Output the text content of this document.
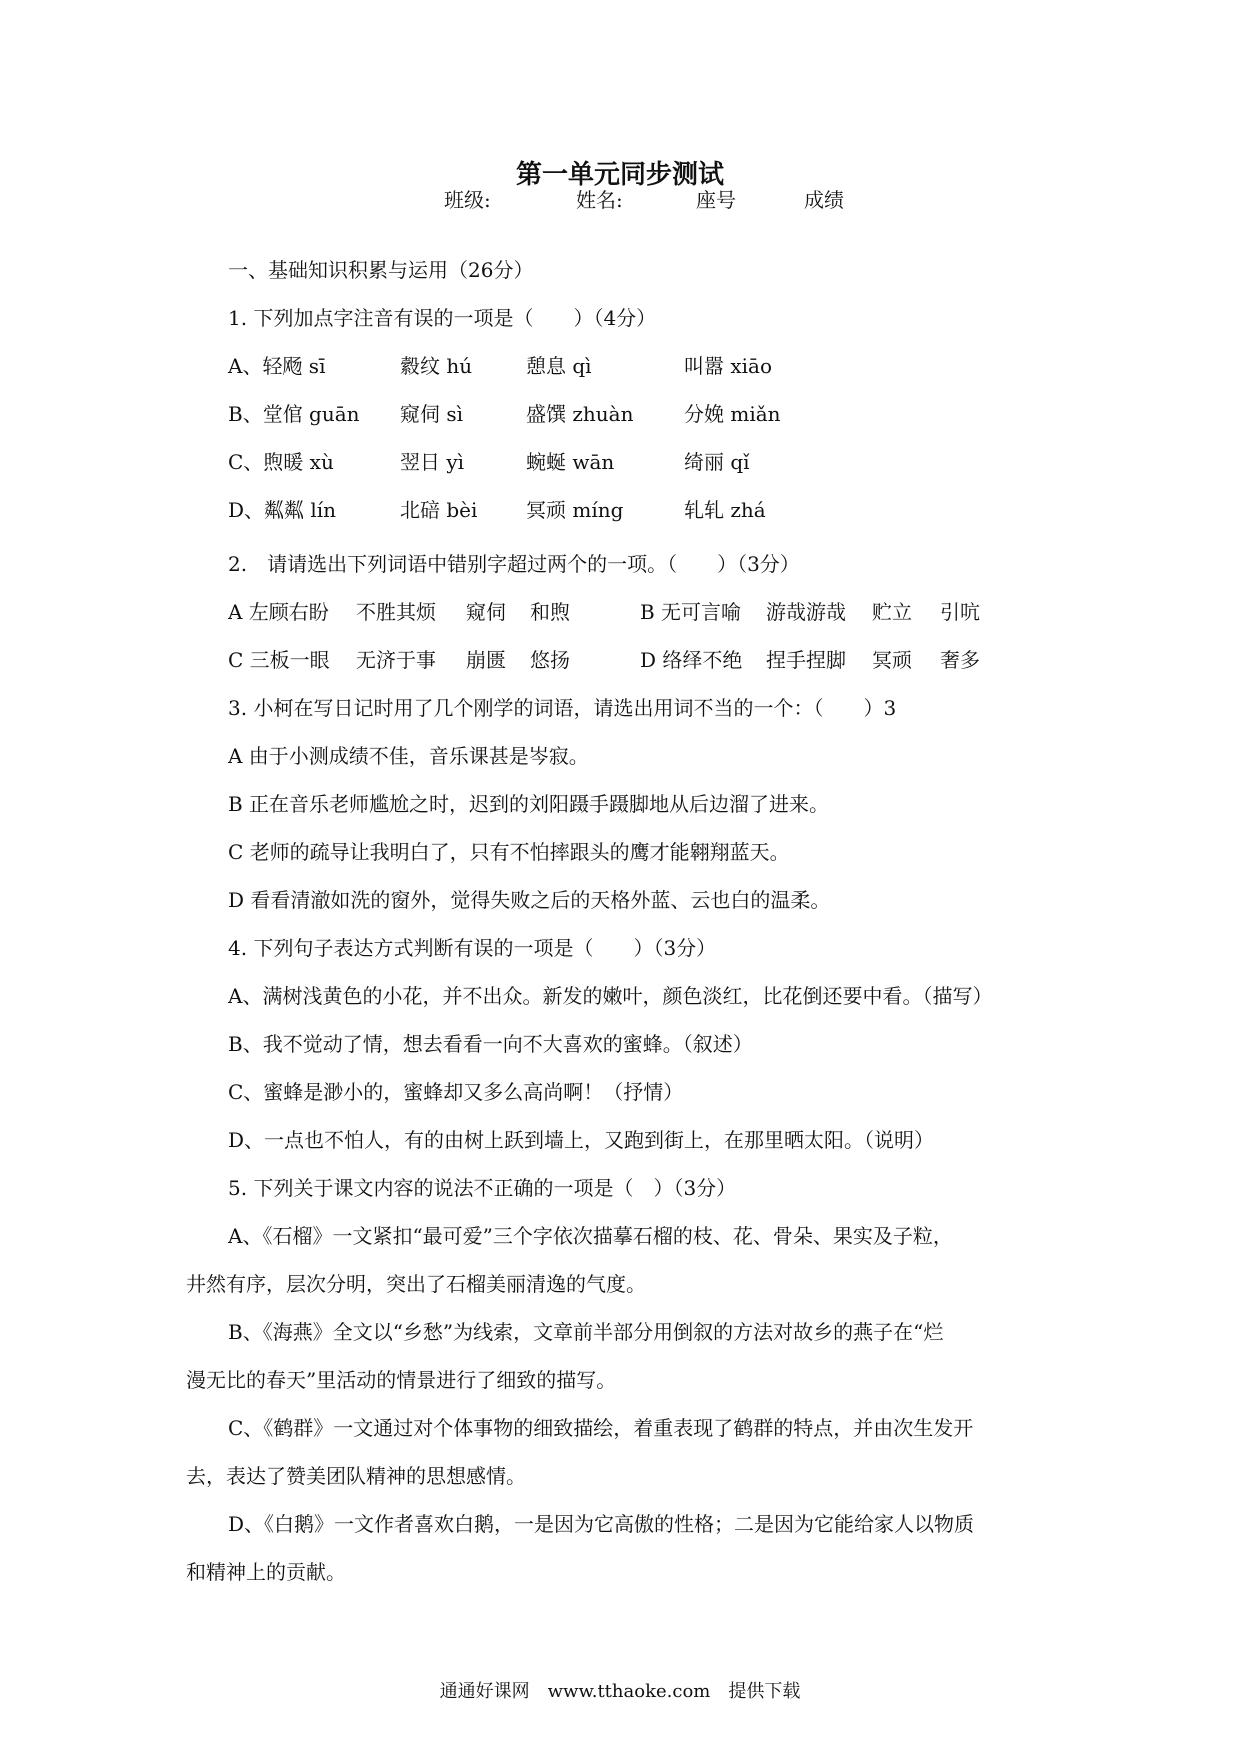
第一单元同步测试
班级:	姓名:	座号	成绩
一、基础知识积累与运用（26分）
1. 下列加点字注音有误的一项是（　　）（4分）
A、轻飏 sī	縠纹 hú	憩息 qì	叫嚣 xiāo
B、堂倌 guān 窥伺 sì	盛馔 zhuàn	分娩 miǎn
C、煦暖 xù	翌日 yì	蜿蜒 wān	绮丽 qǐ
D、粼粼 lín	北碚 bèi 冥顽 míng	轧轧 zhá
2.　请请选出下列词语中错别字超过两个的一项。（　　）（3分）
A 左顾右盼 不胜其烦 窥伺 和煦	B 无可言喻 游哉游哉 贮立 引吭
C 三板一眼 无济于事 崩匮 悠扬	D 络绎不绝 捏手捏脚 冥顽 奢多
3. 小柯在写日记时用了几个刚学的词语，请选出用词不当的一个：（　　）3
A 由于小测成绩不佳，音乐课甚是岑寂。
B 正在音乐老师尴尬之时，迟到的刘阳蹑手蹑脚地从后边溜了进来。
C 老师的疏导让我明白了，只有不怕摔跟头的鹰才能翱翔蓝天。
D 看看清澈如洗的窗外，觉得失败之后的天格外蓝、云也白的温柔。
4. 下列句子表达方式判断有误的一项是（　　）（3分）
A、满树浅黄色的小花，并不出众。新发的嫩叶，颜色淡红，比花倒还要中看。（描写）
B、我不觉动了情，想去看看一向不大喜欢的蜜蜂。（叙述）
C、蜜蜂是渺小的，蜜蜂却又多么高尚啊！（抒情）
D、一点也不怕人，有的由树上跃到墙上，又跑到街上，在那里晒太阳。（说明）
5. 下列关于课文内容的说法不正确的一项是（　）（3分）
A、《石榴》一文紧扣“最可爱”三个字依次描摹石榴的枝、花、骨朵、果实及子粒，
井然有序，层次分明，突出了石榴美丽清逸的气度。
B、《海燕》全文以“乡愁”为线索，文章前半部分用倒叙的方法对故乡的燕子在“烂
漫无比的春天”里活动的情景进行了细致的描写。
C、《鹤群》一文通过对个体事物的细致描绘，着重表现了鹤群的特点，并由次生发开
去，表达了赞美团队精神的思想感情。
D、《白鹅》一文作者喜欢白鹅，一是因为它高傲的性格；二是因为它能给家人以物质
和精神上的贡献。
通通好课网　www.tthaoke.com　提供下载
